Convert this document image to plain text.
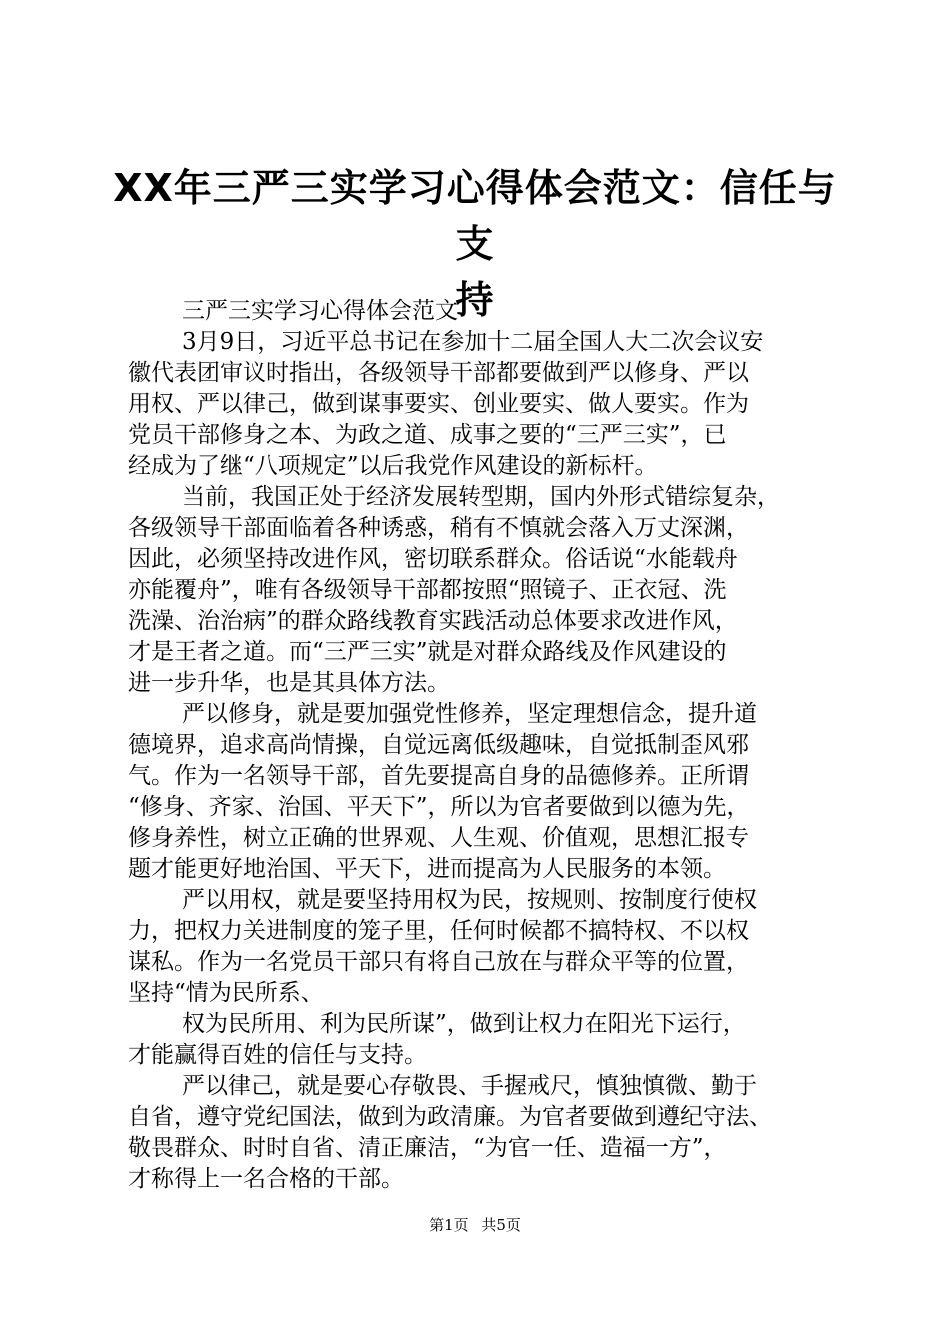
XX年三严三实学习心得体会范文：信任与支
持
三严三实学习心得体会范文
3月9日，习近平总书记在参加十二届全国人大二次会议安
徽代表团审议时指出，各级领导干部都要做到严以修身、严以
用权、严以律己，做到谋事要实、创业要实、做人要实。作为
党员干部修身之本、为政之道、成事之要的“三严三实”，已
经成为了继“八项规定”以后我党作风建设的新标杆。
当前，我国正处于经济发展转型期，国内外形式错综复杂，
各级领导干部面临着各种诱惑，稍有不慎就会落入万丈深渊，
因此，必须坚持改进作风，密切联系群众。俗话说“水能载舟
亦能覆舟”，唯有各级领导干部都按照“照镜子、正衣冠、洗
洗澡、治治病”的群众路线教育实践活动总体要求改进作风，
才是王者之道。而“三严三实”就是对群众路线及作风建设的
进一步升华，也是其具体方法。
严以修身，就是要加强党性修养，坚定理想信念，提升道
德境界，追求高尚情操，自觉远离低级趣味，自觉抵制歪风邪
气。作为一名领导干部，首先要提高自身的品德修养。正所谓
“修身、齐家、治国、平天下”，所以为官者要做到以德为先，
修身养性，树立正确的世界观、人生观、价值观，思想汇报专
题才能更好地治国、平天下，进而提高为人民服务的本领。
严以用权，就是要坚持用权为民，按规则、按制度行使权
力，把权力关进制度的笼子里，任何时候都不搞特权、不以权
谋私。作为一名党员干部只有将自己放在与群众平等的位置，
坚持“情为民所系、
权为民所用、利为民所谋”，做到让权力在阳光下运行，
才能赢得百姓的信任与支持。
严以律己，就是要心存敬畏、手握戒尺，慎独慎微、勤于
自省，遵守党纪国法，做到为政清廉。为官者要做到遵纪守法、
敬畏群众、时时自省、清正廉洁，“为官一任、造福一方”，
才称得上一名合格的干部。
第1页 共5页
